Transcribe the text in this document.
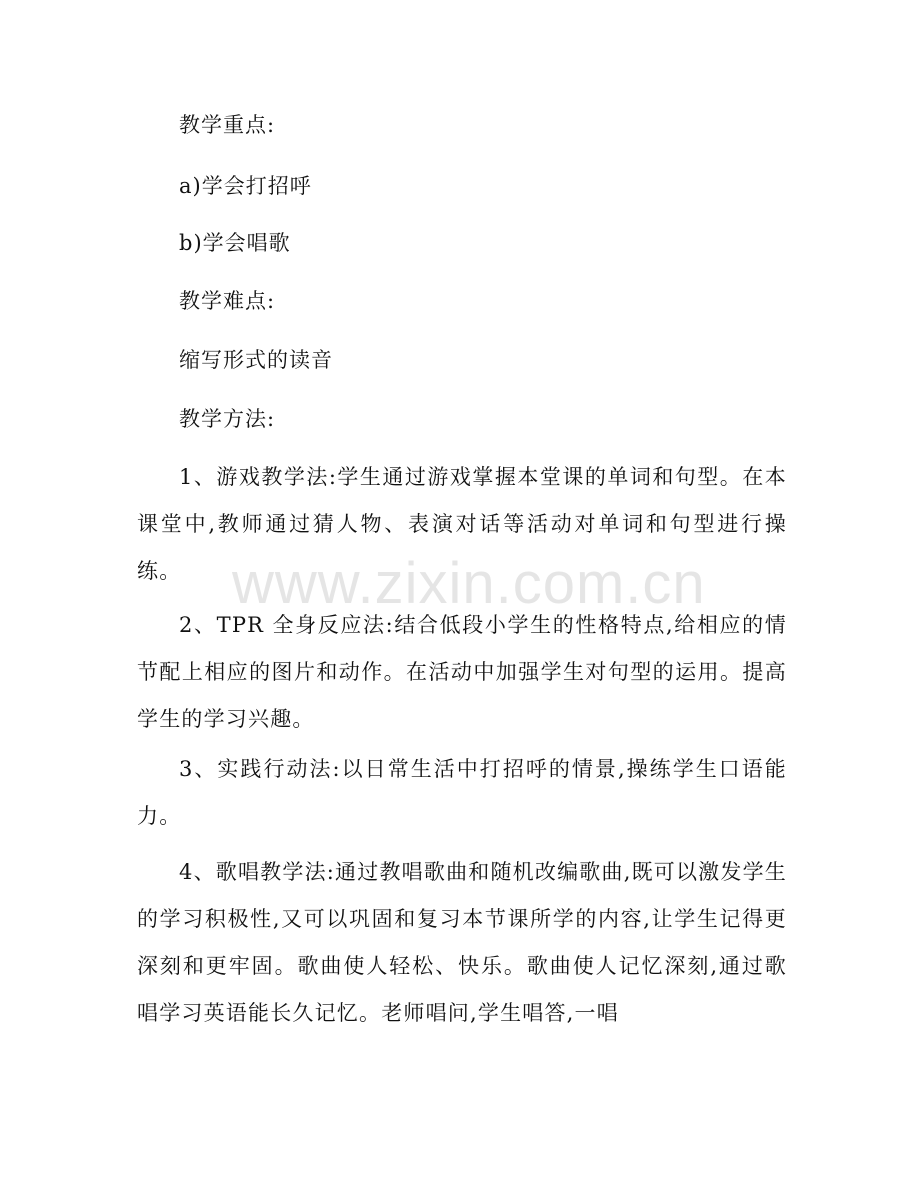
教学重点:
a)学会打招呼
b)学会唱歌
教学难点:
缩写形式的读音
教学方法:
1、游戏教学法:学生通过游戏掌握本堂课的单词和句型。在本课堂中,教师通过猜人物、表演对话等活动对单词和句型进行操练。
2、TPR 全身反应法:结合低段小学生的性格特点,给相应的情节配上相应的图片和动作。在活动中加强学生对句型的运用。提高学生的学习兴趣。
3、实践行动法:以日常生活中打招呼的情景,操练学生口语能力。
4、歌唱教学法:通过教唱歌曲和随机改编歌曲,既可以激发学生的学习积极性,又可以巩固和复习本节课所学的内容,让学生记得更深刻和更牢固。歌曲使人轻松、快乐。歌曲使人记忆深刻,通过歌唱学习英语能长久记忆。老师唱问,学生唱答,一唱
www.zixin.com.cn
